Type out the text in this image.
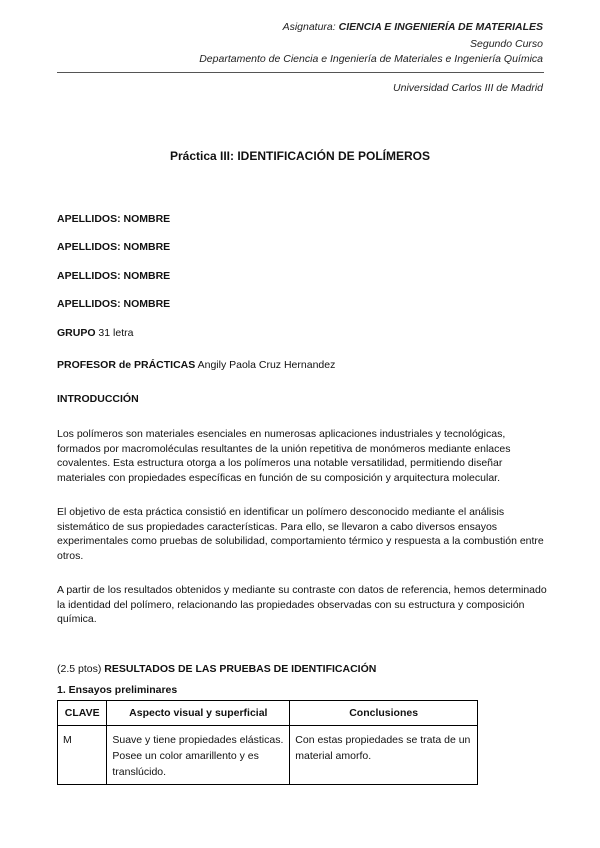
Asignatura: CIENCIA E INGENIERÍA DE MATERIALES
Segundo Curso
Departamento de Ciencia e Ingeniería de Materiales e Ingeniería Química
Universidad Carlos III de Madrid
Práctica III: IDENTIFICACIÓN DE POLÍMEROS
APELLIDOS: NOMBRE
APELLIDOS: NOMBRE
APELLIDOS: NOMBRE
APELLIDOS: NOMBRE
GRUPO 31 letra
PROFESOR de PRÁCTICAS Angily Paola Cruz Hernandez
INTRODUCCIÓN
Los polímeros son materiales esenciales en numerosas aplicaciones industriales y tecnológicas, formados por macromoléculas resultantes de la unión repetitiva de monómeros mediante enlaces covalentes. Esta estructura otorga a los polímeros una notable versatilidad, permitiendo diseñar materiales con propiedades específicas en función de su composición y arquitectura molecular.
El objetivo de esta práctica consistió en identificar un polímero desconocido mediante el análisis sistemático de sus propiedades características. Para ello, se llevaron a cabo diversos ensayos experimentales como pruebas de solubilidad, comportamiento térmico y respuesta a la combustión entre otros.
A partir de los resultados obtenidos y mediante su contraste con datos de referencia, hemos determinado la identidad del polímero, relacionando las propiedades observadas con su estructura y composición química.
(2.5 ptos) RESULTADOS DE LAS PRUEBAS DE IDENTIFICACIÓN
1. Ensayos preliminares
CLAVE	Aspecto visual y superficial	Conclusiones
M	Suave y tiene propiedades elásticas. Posee un color amarillento y es translúcido.	Con estas propiedades se trata de un material amorfo.
